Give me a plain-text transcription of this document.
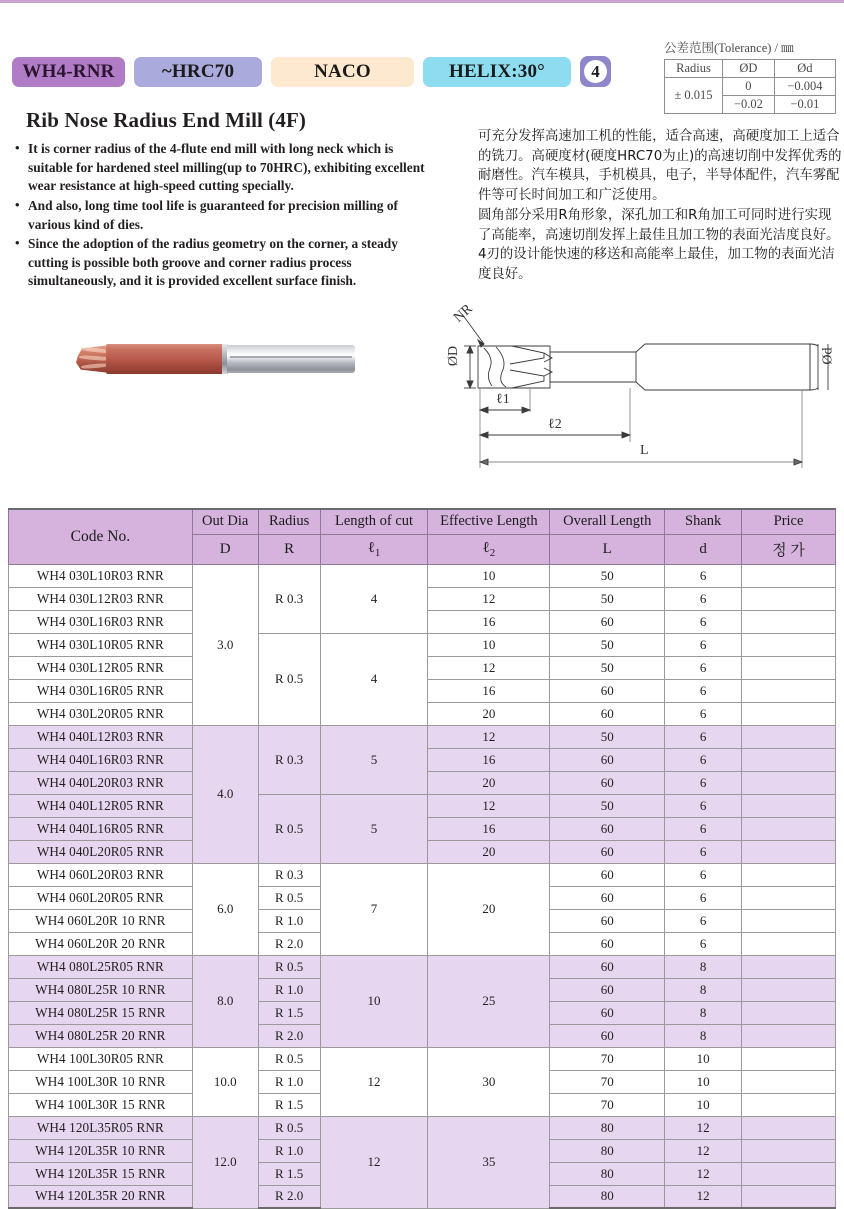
WH4-RNR	~HRC70	NACO	HELIX:30°	4
公差范围(Tolerance) / ㎜
Radius	ØD	Ød
± 0.015	0	−0.004
	−0.02	−0.01
Rib Nose Radius End Mill (4F)
• It is corner radius of the 4-flute end mill with long neck which is suitable for hardened steel milling(up to 70HRC), exhibiting excellent wear resistance at high-speed cutting specially.
• And also, long time tool life is guaranteed for precision milling of various kind of dies.
• Since the adoption of the radius geometry on the corner, a steady cutting is possible both groove and corner radius process simultaneously, and it is provided excellent surface finish.

可充分发挥高速加工机的性能，适合高速，高硬度加工上适合的铣刀。高硬度材(硬度HRC70为止)的高速切削中发挥优秀的耐磨性。汽车模具，手机模具，电子，半导体配件，汽车雾配件等可长时间加工和广泛使用。

圆角部分采用R角形象，深孔加工和R角加工可同时进行实现了高能率，高速切削发挥上最佳且加工物的表面光洁度良好。

4刃的设计能快速的移送和高能率上最佳，加工物的表面光洁度良好。

NR
ØD	Ød
ℓ1
ℓ2
L
Code No.	Out Dia	Radius	Length of cut	Effective Length	Overall Length	Shank	Price
	D	R	ℓ$_1$	ℓ$_2$	L	d	정 가
WH4 030L10R03 RNR	3.0	R 0.3	4	10	50	6	
WH4 030L12R03 RNR				12	50	6	
WH4 030L16R03 RNR				16	60	6	
WH4 030L10R05 RNR		R 0.5	4	10	50	6	
WH4 030L12R05 RNR				12	50	6	
WH4 030L16R05 RNR				16	60	6	
WH4 030L20R05 RNR				20	60	6	
WH4 040L12R03 RNR	4.0	R 0.3	5	12	50	6	
WH4 040L16R03 RNR				16	60	6	
WH4 040L20R03 RNR				20	60	6	
WH4 040L12R05 RNR		R 0.5	5	12	50	6	
WH4 040L16R05 RNR				16	60	6	
WH4 040L20R05 RNR				20	60	6	
WH4 060L20R03 RNR	6.0	R 0.3	7	20	60	6	
WH4 060L20R05 RNR		R 0.5			60	6	
WH4 060L20R 10 RNR		R 1.0			60	6	
WH4 060L20R 20 RNR		R 2.0			60	6	
WH4 080L25R05 RNR	8.0	R 0.5	10	25	60	8	
WH4 080L25R 10 RNR		R 1.0			60	8	
WH4 080L25R 15 RNR		R 1.5			60	8	
WH4 080L25R 20 RNR		R 2.0			60	8	
WH4 100L30R05 RNR	10.0	R 0.5	12	30	70	10	
WH4 100L30R 10 RNR		R 1.0			70	10	
WH4 100L30R 15 RNR		R 1.5			70	10	
WH4 120L35R05 RNR	12.0	R 0.5	12	35	80	12	
WH4 120L35R 10 RNR		R 1.0			80	12	
WH4 120L35R 15 RNR		R 1.5			80	12	
WH4 120L35R 20 RNR		R 2.0			80	12	
